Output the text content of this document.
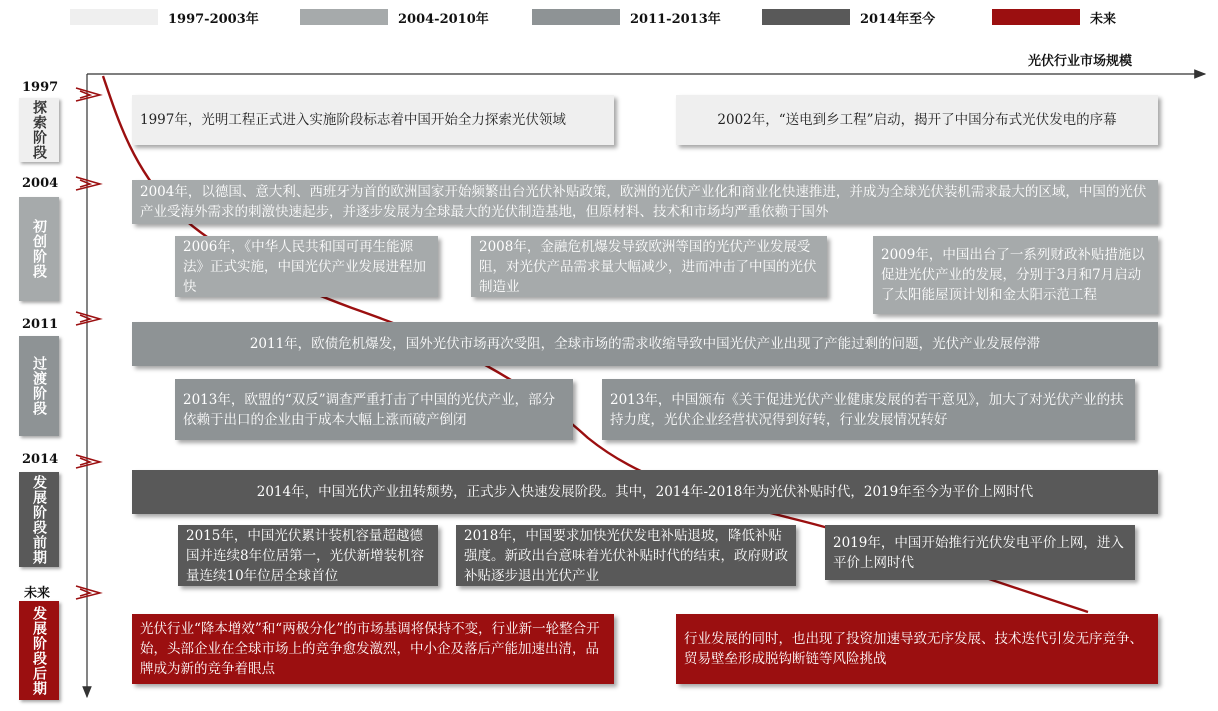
1997-2003年	2004-2010年	2011-2013年	2014年至今	未来
光伏行业市场规模
1997
探索阶段
2004
初创阶段
2011
过渡阶段
2014
发展阶段前期
未来
发展阶段后期
1997年，光明工程正式进入实施阶段标志着中国开始全力探索光伏领域	2002年，“送电到乡工程”启动，揭开了中国分布式光伏发电的序幕
2004年，以德国、意大利、西班牙为首的欧洲国家开始频繁出台光伏补贴政策，欧洲的光伏产业化和商业化快速推进，并成为全球光伏装机需求最大的区域，中国的光伏产业受海外需求的刺激快速起步，并逐步发展为全球最大的光伏制造基地，但原材料、技术和市场均严重依赖于国外
2006年，《中华人民共和国可再生能源法》正式实施，中国光伏产业发展进程加快
2008年，金融危机爆发导致欧洲等国的光伏产业发展受阻，对光伏产品需求量大幅减少，进而冲击了中国的光伏制造业
2009年，中国出台了一系列财政补贴措施以促进光伏产业的发展，分别于3月和7月启动了太阳能屋顶计划和金太阳示范工程
2011年，欧债危机爆发，国外光伏市场再次受阻，全球市场的需求收缩导致中国光伏产业出现了产能过剩的问题，光伏产业发展停滞
2013年，欧盟的“双反”调查严重打击了中国的光伏产业，部分依赖于出口的企业由于成本大幅上涨而破产倒闭
2013年，中国颁布《关于促进光伏产业健康发展的若干意见》，加大了对光伏产业的扶持力度，光伏企业经营状况得到好转，行业发展情况转好
2014年，中国光伏产业扭转颓势，正式步入快速发展阶段。其中，2014年-2018年为光伏补贴时代，2019年至今为平价上网时代
2015年，中国光伏累计装机容量超越德国并连续8年位居第一，光伏新增装机容量连续10年位居全球首位
2018年，中国要求加快光伏发电补贴退坡，降低补贴强度。新政出台意味着光伏补贴时代的结束，政府财政补贴逐步退出光伏产业
2019年，中国开始推行光伏发电平价上网，进入平价上网时代
光伏行业“降本增效”和“两极分化”的市场基调将保持不变，行业新一轮整合开始，头部企业在全球市场上的竞争愈发激烈，中小企及落后产能加速出清，品牌成为新的竞争着眼点
行业发展的同时，也出现了投资加速导致无序发展、技术迭代引发无序竞争、贸易壁垒形成脱钩断链等风险挑战
